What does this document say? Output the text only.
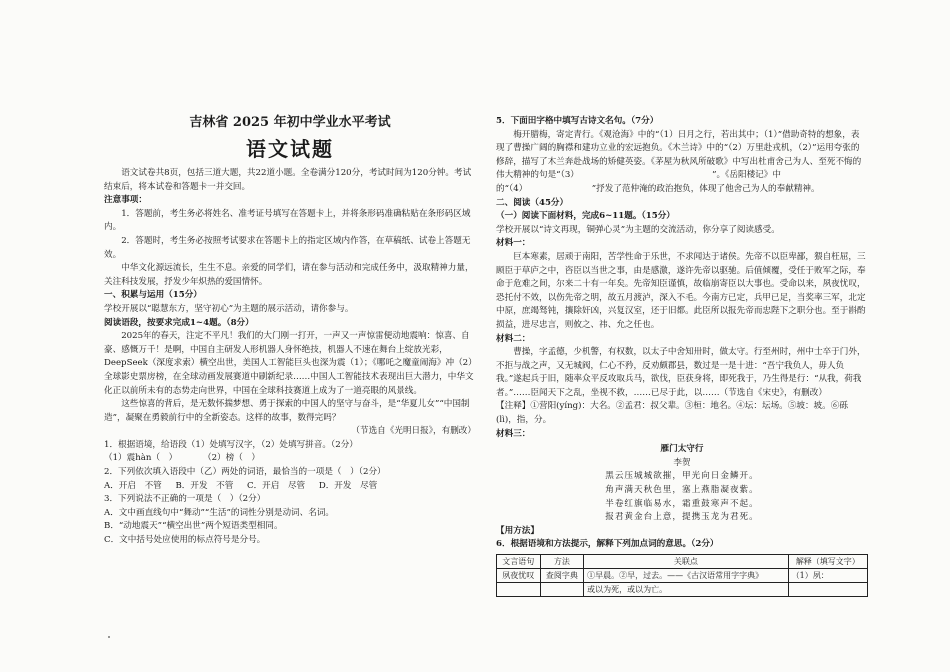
吉林省 2025 年初中学业水平考试

语文试题

语文试卷共8页，包括三道大题，共22道小题。全卷满分120分，考试时间为120分钟。考试结束后，将本试卷和答题卡一并交回。

注意事项：

1．答题前，考生务必将姓名、准考证号填写在答题卡上，并将条形码准确粘贴在条形码区域内。

2．答题时，考生务必按照考试要求在答题卡上的指定区域内作答，在草稿纸、试卷上答题无效。

中华文化源远流长，生生不息。亲爱的同学们，请在参与活动和完成任务中，汲取精神力量，关注科技发展，抒发少年炽热的爱国情怀。

一、积累与运用（15分）

学校开展以“聪慧东方，坚守初心”为主题的展示活动，请你参与。

阅读语段，按要求完成1~4题。（8分）

2025年的春天，注定不平凡！我们的大门刚一打开，一声又一声惊雷便动地震响：惊喜、自豪、感慨万千！是啊，中国自主研发人形机器人身怀绝技，机器人不速在舞台上绽放光彩，DeepSeek（深度求索）横空出世，美国人工智能巨头也深为震（1）；《哪吒之魔童闹海》冲（2）全球影史票房榜，在全球动画发展赛道中刷新纪录……中国人工智能技术表现出巨大潜力，中华文化正以前所未有的态势走向世界，中国在全球科技赛道上成为了一道亮眼的风景线。

这些惊喜的背后，是无数怀揣梦想、勇于探索的中国人的坚守与奋斗，是“华夏儿女”“中国制造”，凝聚在勇毅前行中的全新姿态。这样的故事，数得完吗？

（节选自《光明日报》，有删改）

1．根据语境，给语段（1）处填写汉字，（2）处填写拼音。（2分）

（1）震hàn（　）　　　　（2）榜（　）

2．下列依次填入语段中（乙）两处的词语，最恰当的一项是（　）（2分）

A．开启　不管 B．开发　不管 C．开启　尽管 D．开发　尽管

3．下列说法不正确的一项是（　）（2分）

A．文中画直线句中“舞动”“生活”的词性分别是动词、名词。

B．“动地震天”“横空出世”两个短语类型相同。

C．文中括号处应使用的标点符号是分号。

5．下面田字格中填写古诗文名句。（7分）

梅开腊梅，寄定青行。《观沧海》中的“（1）日月之行，若出其中；（1）”借助奇特的想象，表现了曹操广阔的胸襟和建功立业的宏远抱负。《木兰诗》中的“（2）万里赴戎机，（2）”运用夸张的修辞，描写了木兰奔赴战场的矫健英姿。《茅屋为秋风所破歌》中写出杜甫舍己为人、至死不悔的伟大精神的句是“（3）　　　　　　　　　　　　　　　　”。《岳阳楼记》中的“（4）　　　　　　　　”抒发了范仲淹的政治抱负，体现了他舍己为人的奉献精神。

二、阅读（45分）

（一）阅读下面材料，完成6~11题。（15分）

学校开展以“诗文再现，铜弹心灵”为主题的交流活动，你分享了阅读感受。

材料一：

巨本寒素，居顽于南阳，苦学性命于乐世，不求闻达于诸侯。先帝不以臣卑鄙，猥自枉屈，三顾臣于草庐之中，咨臣以当世之事，由是感激，遂许先帝以驱驰。后值倾覆，受任于败军之际，奉命于危难之间，尔来二十有一年矣。先帝知臣谨慎，故临崩寄臣以大事也。受命以来，夙夜忧叹，恐托付不效，以伤先帝之明，故五月渡泸，深入不毛。今南方已定，兵甲已足，当奖率三军，北定中原，庶竭驽钝，攘除奸凶，兴复汉室，还于旧都。此臣所以报先帝而忠陛下之职分也。至于斟酌损益，进尽忠言，则攸之、祎、允之任也。

材料二：

曹操，字孟德，少机警，有权数，以太子中舍知卅时，做太守。行至州时，州中士卒于门外，不拒与战之声，又无城阀，仁心不矜，反劝颇郡县，数过是一是十进：“吾宁我负人，毋人负我。”遂起兵于旧，随率众平反攻取兵马，欲伐，臣获身将，即死我于，乃生得是行：“从我，荷我者。”……臣闻天下之乱，坐视不救，……已尽于此，以……（节选自《宋史》，有删改）

【注释】①营阳(yíng)：大名。②孟君：叔父辈。③桓：地名。④坛：坛场。⑤坡：坡。⑥砾(lì)，指，分。

材料三：

雁门太守行

李贺

黑云压城城欲摧，甲光向日金鳞开。

角声满天秋色里，塞上燕脂凝夜紫。

半卷红旗临易水，霜重鼓寒声不起。

报君黄金台上意，提携玉龙为君死。

【用方法】

6．根据语境和方法提示，解释下列加点词的意思。（2分）

文言语句	方法	关联点	解释（填写文字）
夙夜忧叹	查阅字典	①早晨。②早，过去。——《古汉语常用字字典》	（1）夙：
		或以为死，或以为亡。	
